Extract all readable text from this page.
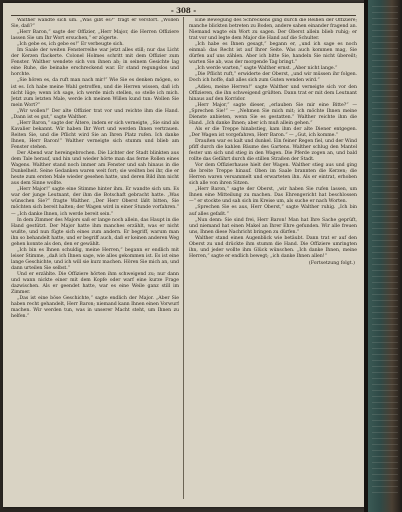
- 308 -

Walther wandte sich um. „Was gibt es?“ fragt er verstört. „Wollen Sie, daß?“

„Herr Baron,“ sagte der Offizier, „Herr Major, die Herren Offiziere lassen Sie um Ihr Wort ersuchen,“ er zögerte.

„Ich gebe es, ich gebe es!“ Er verbeugte sich.

Im Saale der weiten Fensterreihe war jetzt alles still; nur das Licht der Kerzen flackerte. Colonel Holmes schritt mit dem Offizier zum Fenster. Walther wendete sich von ihnen ab; in seinem Gesichte lag eine Ruhe, die beinahe erschreckend war. Er stand regungslos und horchte.

„Sie hören es, da ruft man nach mir!“ Wie Sie es denken mögen, so ist es. Ich habe meine Wahl getroffen, und die Herren wissen, daß ich nicht lüge; wenn ich sage, ich werde mich stellen, so stelle ich mich. Jetzt zum letzten Male, werde ich meinen Willen kund tun: Wollen Sie mein Wort?“

„Wir wollen!“ Der alte Offizier trat vor und reichte ihm die Hand. „Dann ist es gut,“ sagte Walther.

„Herr Baron,“ sagte der Ältere, indem er sich verneigte, „Sie sind als Kavalier bekannt. Wir haben Ihr Wort und werden Ihnen vertrauen. Reiten Sie, und die Pflicht wird Sie an Ihren Platz rufen. Ich danke Ihnen, Herr Baron!“ Walther verneigte sich stumm und blieb am Fenster stehen.

Der Abend war hereingebrochen. Die Lichter der Stadt blinkten aus dem Tale herauf, und hin und wieder hörte man das ferne Rollen eines Wagens. Walther stand noch immer am Fenster und sah hinaus in die Dunkelheit. Seine Gedanken waren weit fort; sie weilten bei ihr, die er heute zum ersten Male wieder gesehen hatte, und deren Bild ihm nicht aus dem Sinne wollte.

„Herr Major!“ sagte eine Stimme hinter ihm. Er wandte sich um. Es war der junge Leutnant, der ihm die Botschaft gebracht hatte. „Was wünschen Sie?“ fragte Walther. „Der Herr Oberst läßt bitten, Sie möchten sich bereit halten; der Wagen wird in einer Stunde vorfahren.“ — „Ich danke Ihnen, ich werde bereit sein.“

In dem Zimmer des Majors saß er lange noch allein, das Haupt in die Hand gestützt. Der Major hatte ihm manches erzählt, was er nicht wußte, und nun fügte sich eines zum andern. Er begriff, warum man ihn so behandelt hatte, und er begriff auch, daß er keinen anderen Weg gehen konnte als den, den er gewählt.

„Ich bin es Ihnen schuldig, meine Herren,“ begann er endlich mit leiser Stimme, „daß ich Ihnen sage, wie alles gekommen ist. Es ist eine lange Geschichte, und ich will sie kurz machen. Hören Sie mich an, und dann urteilen Sie selbst.“

Und er erzählte. Die Offiziere hörten ihm schweigend zu; nur dann und wann nickte einer mit dem Kopfe oder warf eine kurze Frage dazwischen. Als er geendet hatte, war es eine Weile ganz still im Zimmer.

„Das ist eine böse Geschichte,“ sagte endlich der Major. „Aber Sie haben recht gehandelt, Herr Baron; niemand kann Ihnen einen Vorwurf machen. Wir werden tun, was in unserer Macht steht, um Ihnen zu helfen.“

Eine Bewegung des Schreckens ging durch die Reihen der Offiziere; manche blickten betreten zu Boden, andere sahen einander fragend an. Niemand wagte ein Wort zu sagen. Der Oberst allein blieb ruhig; er trat vor und legte dem Major die Hand auf die Schulter.

„Ich habe es Ihnen gesagt,“ begann er, „und ich sage es noch einmal: das Recht ist auf Ihrer Seite. Was auch kommen mag, Sie dürfen auf uns zählen. Aber ich bitte Sie, handeln Sie nicht übereilt; warten Sie ab, was der morgende Tag bringt.“

„Ich werde warten,“ sagte Walther ernst. „Aber nicht lange.“

„Die Pflicht ruft,“ erwiderte der Oberst, „und wir müssen ihr folgen. Doch ich hoffe, daß alles sich zum Guten wenden wird.“

„Adieu, meine Herren!“ sagte Walther und verneigte sich vor den Offizieren, die ihn schweigend grüßten. Dann trat er mit dem Leutnant hinaus auf den Korridor.

„Herr Major,“ sagte dieser, „erlauben Sie mir eine Bitte?“ — „Sprechen Sie!“ — „Nehmen Sie mich mit; ich möchte Ihnen meine Dienste anbieten, wenn Sie es gestatten.“ Walther reichte ihm die Hand. „Ich danke Ihnen; aber ich muß allein gehen.“

Als er die Treppe hinabstieg, kam ihm der alte Diener entgegen. „Der Wagen ist vorgefahren, Herr Baron.“ — „Gut, ich komme.“

Draußen war es kalt und dunkel. Ein feiner Regen fiel, und der Wind pfiff durch die kahlen Bäume des Gartens. Walther schlug den Mantel fester um sich und stieg in den Wagen. Die Pferde zogen an, und bald rollte das Gefährt durch die stillen Straßen der Stadt.

Vor dem Offizierhause hielt der Wagen. Walther stieg aus und ging die breite Treppe hinauf. Oben im Saale brannten die Kerzen; die Herren waren versammelt und erwarteten ihn. Als er eintrat, erhoben sich alle von ihren Sitzen.

„Herr Baron,“ sagte der Oberst, „wir haben Sie rufen lassen, um Ihnen eine Mitteilung zu machen. Das Ehrengericht hat beschlossen —“ er stockte und sah sich im Kreise um, als suche er nach Worten.

„Sprechen Sie es aus, Herr Oberst,“ sagte Walther ruhig. „Ich bin auf alles gefaßt.“

„Nun denn: Sie sind frei, Herr Baron! Man hat Ihre Sache geprüft, und niemand hat einen Makel an Ihrer Ehre gefunden. Wir alle freuen uns, Ihnen diese Nachricht bringen zu dürfen.“

Walther stand einen Augenblick wie betäubt. Dann trat er auf den Oberst zu und drückte ihm stumm die Hand. Die Offiziere umringten ihn, und jeder wollte ihm Glück wünschen. „Ich danke Ihnen, meine Herren,“ sagte er endlich bewegt; „ich danke Ihnen allen!“

(Fortsetzung folgt.)
